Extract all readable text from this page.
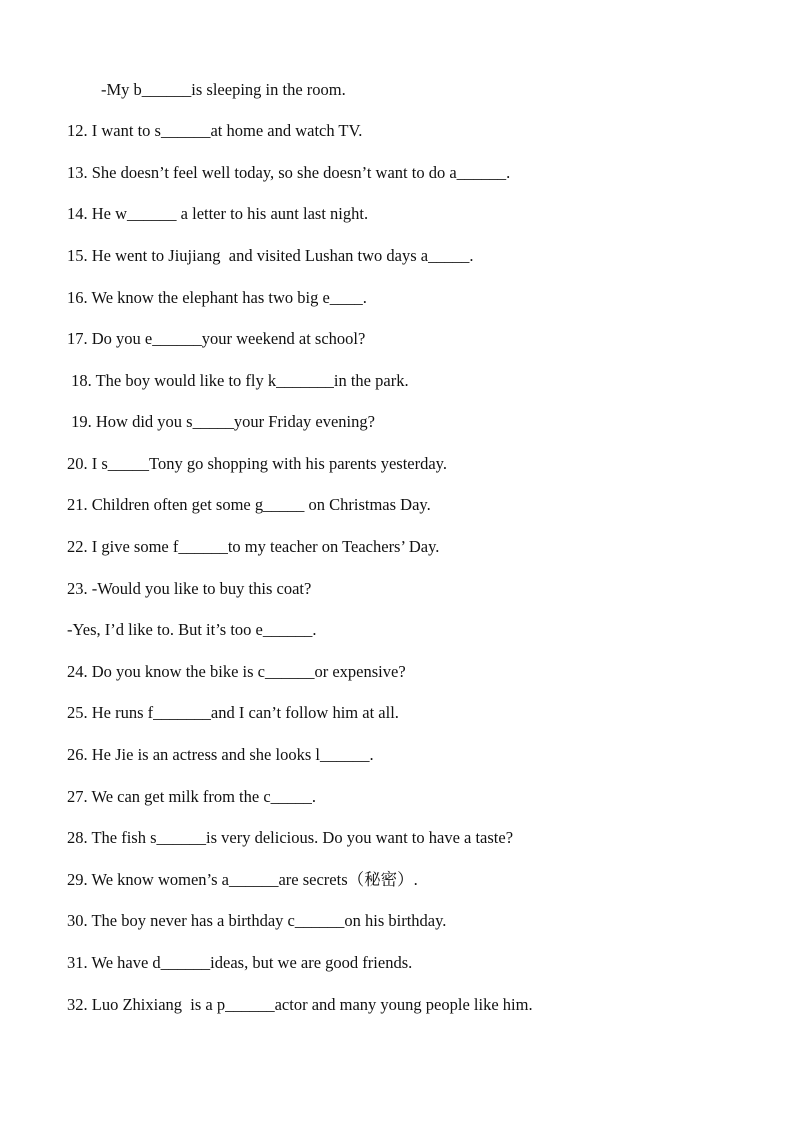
-My b______is sleeping in the room.
12. I want to s______at home and watch TV.
13. She doesn’t feel well today, so she doesn’t want to do a______.
14. He w______ a letter to his aunt last night.
15. He went to Jiujiang  and visited Lushan two days a_____.
16. We know the elephant has two big e____.
17. Do you e______your weekend at school?
18. The boy would like to fly k_______in the park.
19. How did you s_____your Friday evening?
20. I s_____Tony go shopping with his parents yesterday.
21. Children often get some g_____ on Christmas Day.
22. I give some f______to my teacher on Teachers’ Day.
23. -Would you like to buy this coat?
-Yes, I’d like to. But it’s too e______.
24. Do you know the bike is c______or expensive?
25. He runs f_______and I can’t follow him at all.
26. He Jie is an actress and she looks l______.
27. We can get milk from the c_____.
28. The fish s______is very delicious. Do you want to have a taste?
29. We know women’s a______are secrets（秘密）.
30. The boy never has a birthday c______on his birthday.
31. We have d______ideas, but we are good friends.
32. Luo Zhixiang  is a p______actor and many young people like him.
